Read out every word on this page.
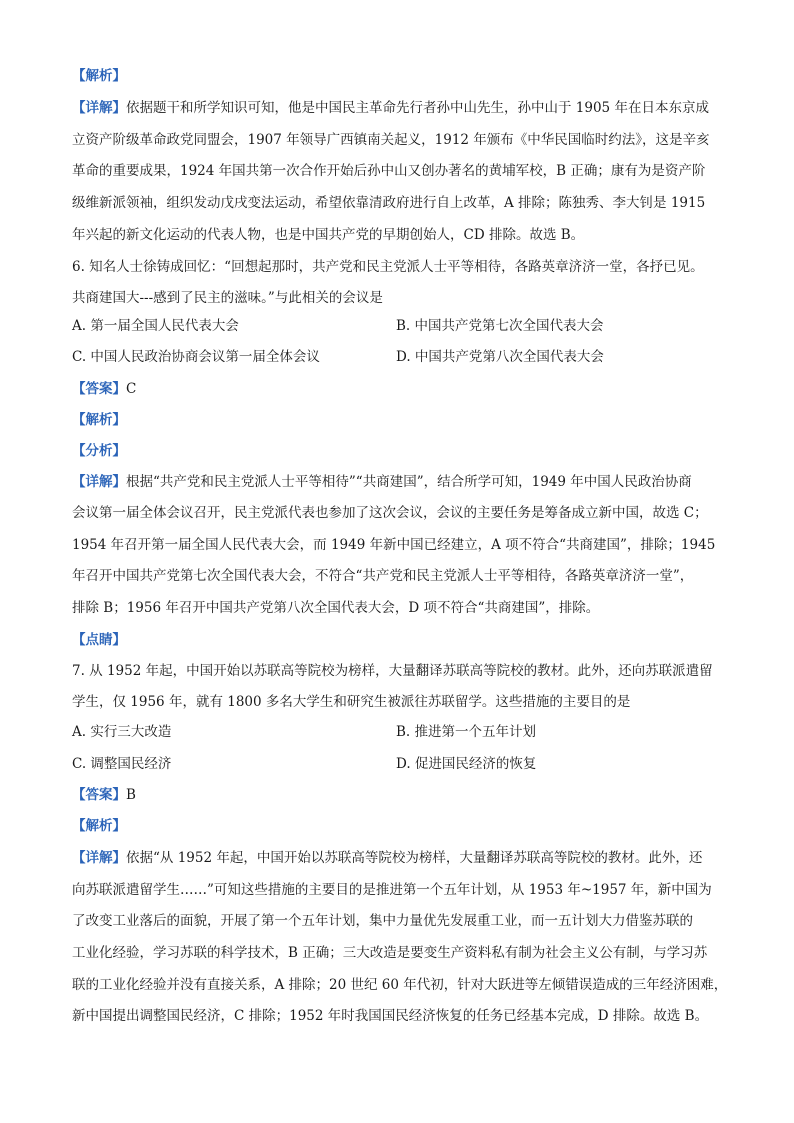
【解析】
【详解】依据题干和所学知识可知，他是中国民主革命先行者孙中山先生，孙中山于 1905 年在日本东京成
立资产阶级革命政党同盟会，1907 年领导广西镇南关起义，1912 年颁布《中华民国临时约法》，这是辛亥
革命的重要成果，1924 年国共第一次合作开始后孙中山又创办著名的黄埔军校，B 正确；康有为是资产阶
级维新派领袖，组织发动戊戌变法运动，希望依靠清政府进行自上改革，A 排除；陈独秀、李大钊是 1915
年兴起的新文化运动的代表人物，也是中国共产党的早期创始人，CD 排除。故选 B。
6. 知名人士徐铸成回忆：“回想起那时，共产党和民主党派人士平等相待，各路英章济济一堂，各抒已见。
共商建国大---感到了民主的滋味。”与此相关的会议是
A. 第一届全国人民代表大会	B. 中国共产党第七次全国代表大会
C. 中国人民政治协商会议第一届全体会议	D. 中国共产党第八次全国代表大会
【答案】C
【解析】
【分析】
【详解】根据“共产党和民主党派人士平等相待”“共商建国”，结合所学可知，1949 年中国人民政治协商
会议第一届全体会议召开，民主党派代表也参加了这次会议，会议的主要任务是筹备成立新中国，故选 C；
1954 年召开第一届全国人民代表大会，而 1949 年新中国已经建立，A 项不符合“共商建国”，排除；1945
年召开中国共产党第七次全国代表大会，不符合“共产党和民主党派人士平等相待，各路英章济济一堂”，
排除 B；1956 年召开中国共产党第八次全国代表大会，D 项不符合“共商建国”，排除。
【点睛】
7. 从 1952 年起，中国开始以苏联高等院校为榜样，大量翻译苏联高等院校的教材。此外，还向苏联派遣留
学生，仅 1956 年，就有 1800 多名大学生和研究生被派往苏联留学。这些措施的主要目的是
A. 实行三大改造	B. 推进第一个五年计划
C. 调整国民经济	D. 促进国民经济的恢复
【答案】B
【解析】
【详解】依据“从 1952 年起，中国开始以苏联高等院校为榜样，大量翻译苏联高等院校的教材。此外，还
向苏联派遣留学生……”可知这些措施的主要目的是推进第一个五年计划，从 1953 年~1957 年，新中国为
了改变工业落后的面貌，开展了第一个五年计划，集中力量优先发展重工业，而一五计划大力借鉴苏联的
工业化经验，学习苏联的科学技术，B 正确；三大改造是要变生产资料私有制为社会主义公有制，与学习苏
联的工业化经验并没有直接关系，A 排除；20 世纪 60 年代初，针对大跃进等左倾错误造成的三年经济困难，
新中国提出调整国民经济，C 排除；1952 年时我国国民经济恢复的任务已经基本完成，D 排除。故选 B。
